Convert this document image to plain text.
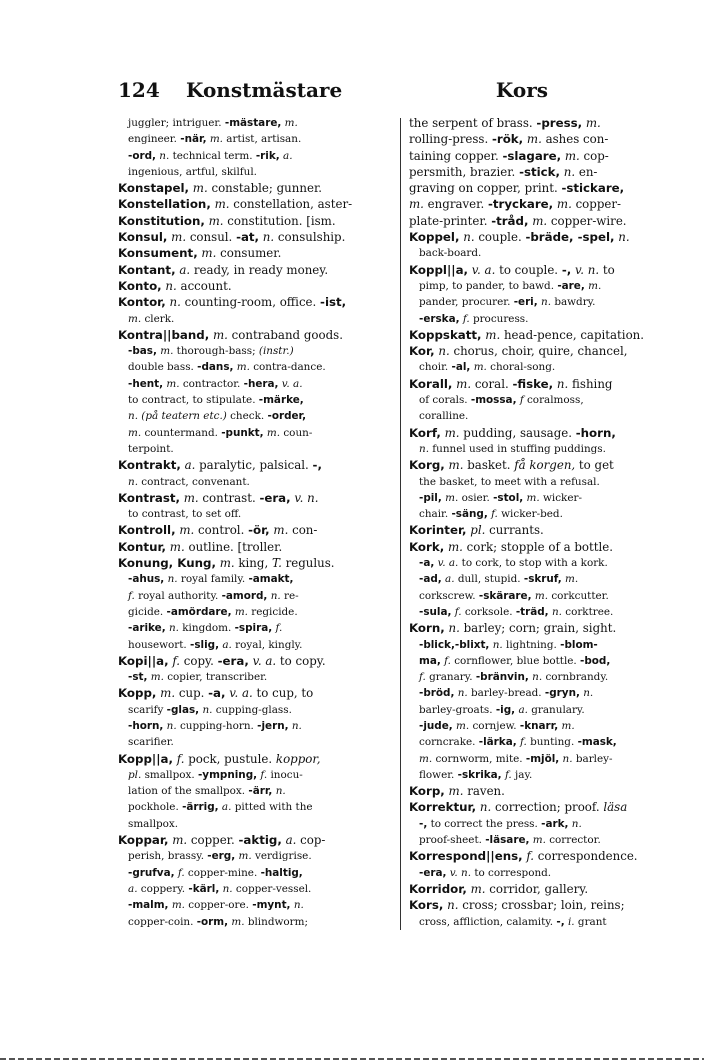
124 Konstmästare	Kors
juggler; intriguer. -mästare, m.
engineer. -när, m. artist, artisan.
-ord, n. technical term. -rik, a.
ingenious, artful, skilful.
Konstapel, m. constable; gunner.
Konstellation, m. constellation, aster-
Konstitution, m. constitution. [ism.
Konsul, m. consul. -at, n. consulship.
Konsument, m. consumer.
Kontant, a. ready, in ready money.
Konto, n. account.
Kontor, n. counting-room, office. -ist,
m. clerk.
Kontra||band, m. contraband goods.
-bas, m. thorough-bass; (instr.)
double bass. -dans, m. contra-dance.
-hent, m. contractor. -hera, v. a.
to contract, to stipulate. -märke,
n. (på teatern etc.) check. -order,
m. countermand. -punkt, m. coun-
terpoint.
Kontrakt, a. paralytic, palsical. -,
n. contract, convenant.
Kontrast, m. contrast. -era, v. n.
to contrast, to set off.
Kontroll, m. control. -ör, m. con-
Kontur, m. outline. [troller.
Konung, Kung, m. king, T. regulus.
-ahus, n. royal family. -amakt,
f. royal authority. -amord, n. re-
gicide. -amördare, m. regicide.
-arike, n. kingdom. -spira, f.
housewort. -slig, a. royal, kingly.
Kopi||a, f. copy. -era, v. a. to copy.
-st, m. copier, transcriber.
Kopp, m. cup. -a, v. a. to cup, to
scarify -glas, n. cupping-glass.
-horn, n. cupping-horn. -jern, n.
scarifier.
Kopp||a, f. pock, pustule. koppor,
pl. smallpox. -ympning, f. inocu-
lation of the smallpox. -ärr, n.
pockhole. -ärrig, a. pitted with the
smallpox.
Koppar, m. copper. -aktig, a. cop-
perish, brassy. -erg, m. verdigrise.
-grufva, f. copper-mine. -haltig,
a. coppery. -kärl, n. copper-vessel.
-malm, m. copper-ore. -mynt, n.
copper-coin. -orm, m. blindworm;
the serpent of brass. -press, m.
rolling-press. -rök, m. ashes con-
taining copper. -slagare, m. cop-
persmith, brazier. -stick, n. en-
graving on copper, print. -stickare,
m. engraver. -tryckare, m. copper-
plate-printer. -tråd, m. copper-wire.
Koppel, n. couple. -bräde, -spel, n.
back-board.
Koppl||a, v. a. to couple. -, v. n. to
pimp, to pander, to bawd. -are, m.
pander, procurer. -eri, n. bawdry.
-erska, f. procuress.
Koppskatt, m. head-pence, capitation.
Kor, n. chorus, choir, quire, chancel,
choir. -al, m. choral-song.
Korall, m. coral. -fiske, n. fishing
of corals. -mossa, f coralmoss,
coralline.
Korf, m. pudding, sausage. -horn,
n. funnel used in stuffing puddings.
Korg, m. basket. få korgen, to get
the basket, to meet with a refusal.
-pil, m. osier. -stol, m. wicker-
chair. -säng, f. wicker-bed.
Korinter, pl. currants.
Kork, m. cork; stopple of a bottle.
-a, v. a. to cork, to stop with a kork.
-ad, a. dull, stupid. -skruf, m.
corkscrew. -skärare, m. corkcutter.
-sula, f. corksole. -träd, n. corktree.
Korn, n. barley; corn; grain, sight.
-blick,-blixt, n. lightning. -blom-
ma, f. cornflower, blue bottle. -bod,
f. granary. -bränvin, n. cornbrandy.
-bröd, n. barley-bread. -gryn, n.
barley-groats. -ig, a. granulary.
-jude, m. cornjew. -knarr, m.
corncrake. -lärka, f. bunting. -mask,
m. cornworm, mite. -mjöl, n. barley-
flower. -skrika, f. jay.
Korp, m. raven.
Korrektur, n. correction; proof. läsa
-, to correct the press. -ark, n.
proof-sheet. -läsare, m. corrector.
Korrespond||ens, f. correspondence.
-era, v. n. to correspond.
Korridor, m. corridor, gallery.
Kors, n. cross; crossbar; loin, reins;
cross, affliction, calamity. -, i. grant
